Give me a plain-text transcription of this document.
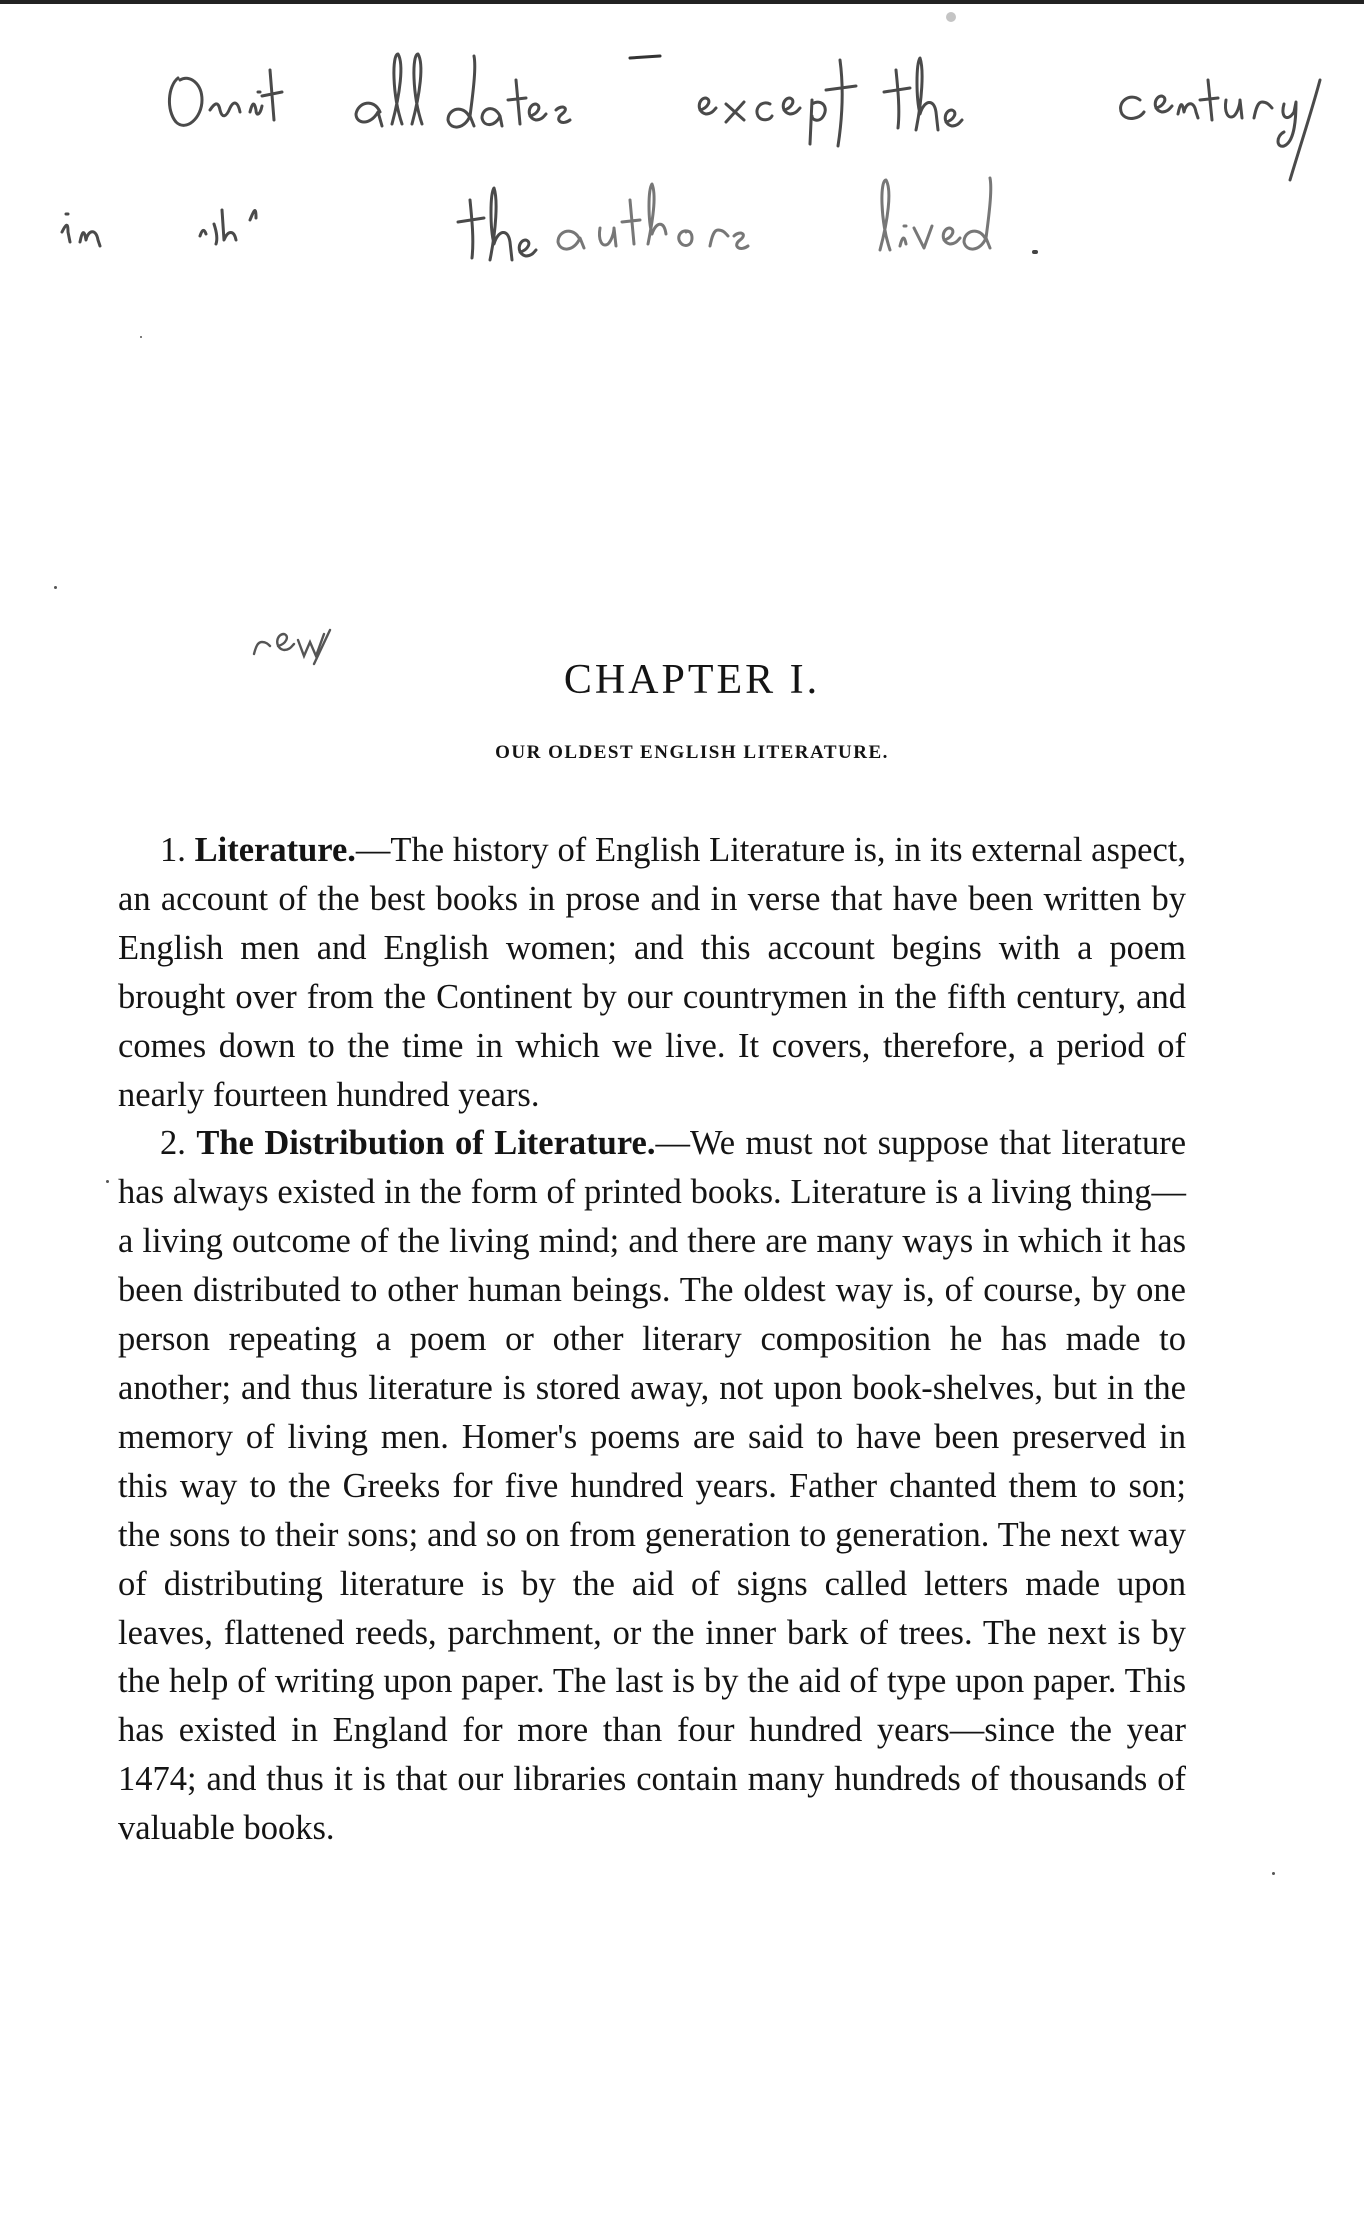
CHAPTER I.
OUR OLDEST ENGLISH LITERATURE.

1. Literature.—The history of English Literature is, in its external aspect, an account of the best books in prose and in verse that have been written by English men and English women; and this account begins with a poem brought over from the Continent by our countrymen in the fifth century, and comes down to the time in which we live. It covers, therefore, a period of nearly fourteen hundred years.

2. The Distribution of Literature.—We must not suppose that literature has always existed in the form of printed books. Literature is a living thing—a living outcome of the living mind; and there are many ways in which it has been distributed to other human beings. The oldest way is, of course, by one person repeating a poem or other literary composition he has made to another; and thus literature is stored away, not upon book-shelves, but in the memory of living men. Homer's poems are said to have been preserved in this way to the Greeks for five hundred years. Father chanted them to son; the sons to their sons; and so on from generation to generation. The next way of distributing literature is by the aid of signs called letters made upon leaves, flattened reeds, parchment, or the inner bark of trees. The next is by the help of writing upon paper. The last is by the aid of type upon paper. This has existed in England for more than four hundred years—since the year 1474; and thus it is that our libraries contain many hundreds of thousands of valuable books.
